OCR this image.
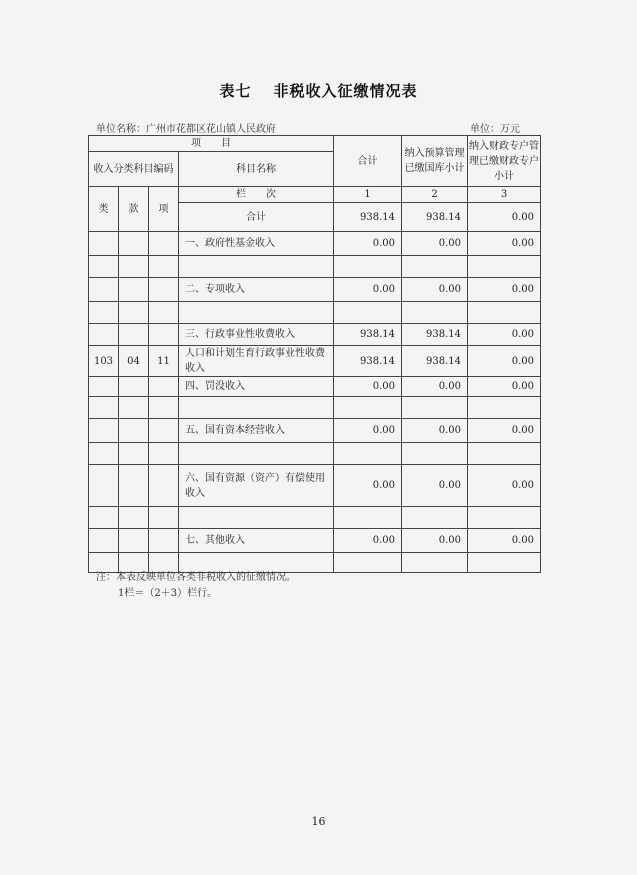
表七 非税收入征缴情况表
单位名称：广州市花都区花山镇人民政府	单位：万元
项　　目				合计	纳入预算管理已缴国库小计	纳入财政专户管理已缴财政专户小计
收入分类科目编码			科目名称			

类	款	项	栏　　次	1	2	3
			合计	938.14	938.14	0.00
			一、政府性基金收入	0.00	0.00	0.00

			二、专项收入	0.00	0.00	0.00

			三、行政事业性收费收入	938.14	938.14	0.00
103	04	11	人口和计划生育行政事业性收费收入	938.14	938.14	0.00
			四、罚没收入	0.00	0.00	0.00

			五、国有资本经营收入	0.00	0.00	0.00

			六、国有资源（资产）有偿使用收入	0.00	0.00	0.00

			七、其他收入	0.00	0.00	0.00

注：本表反映单位各类非税收入的征缴情况。
1栏＝（2＋3）栏行。
16
